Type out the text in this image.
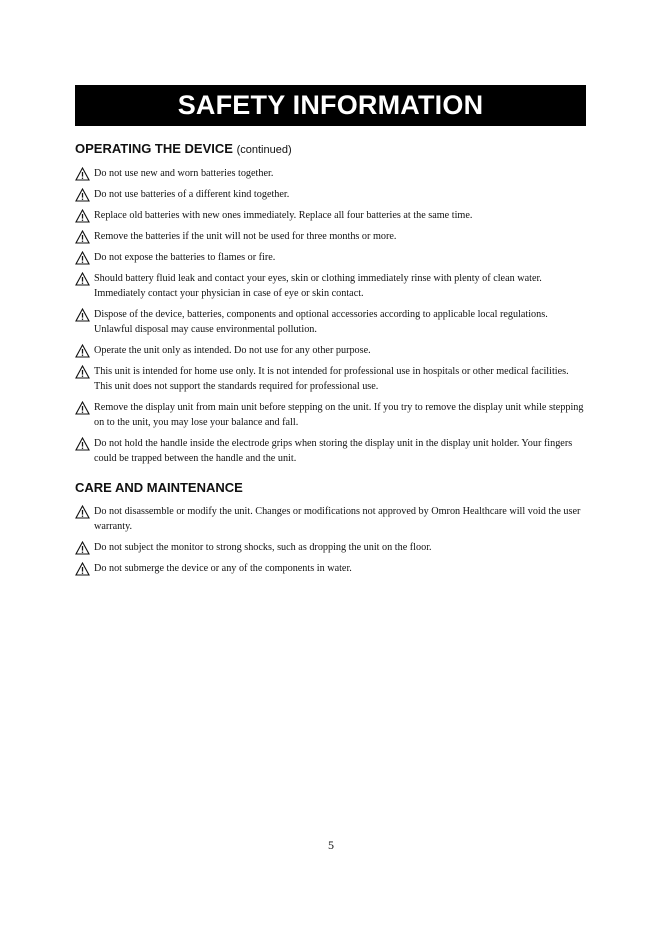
SAFETY INFORMATION
OPERATING THE DEVICE (continued)
Do not use new and worn batteries together.
Do not use batteries of a different kind together.
Replace old batteries with new ones immediately. Replace all four batteries at the same time.
Remove the batteries if the unit will not be used for three months or more.
Do not expose the batteries to flames or fire.
Should battery fluid leak and contact your eyes, skin or clothing immediately rinse with plenty of clean water. Immediately contact your physician in case of eye or skin contact.
Dispose of the device, batteries, components and optional accessories according to applicable local regulations. Unlawful disposal may cause environmental pollution.
Operate the unit only as intended. Do not use for any other purpose.
This unit is intended for home use only. It is not intended for professional use in hospitals or other medical facilities. This unit does not support the standards required for professional use.
Remove the display unit from main unit before stepping on the unit. If you try to remove the display unit while stepping on to the unit, you may lose your balance and fall.
Do not hold the handle inside the electrode grips when storing the display unit in the display unit holder. Your fingers could be trapped between the handle and the unit.
CARE AND MAINTENANCE
Do not disassemble or modify the unit. Changes or modifications not approved by Omron Healthcare will void the user warranty.
Do not subject the monitor to strong shocks, such as dropping the unit on the floor.
Do not submerge the device or any of the components in water.
5
